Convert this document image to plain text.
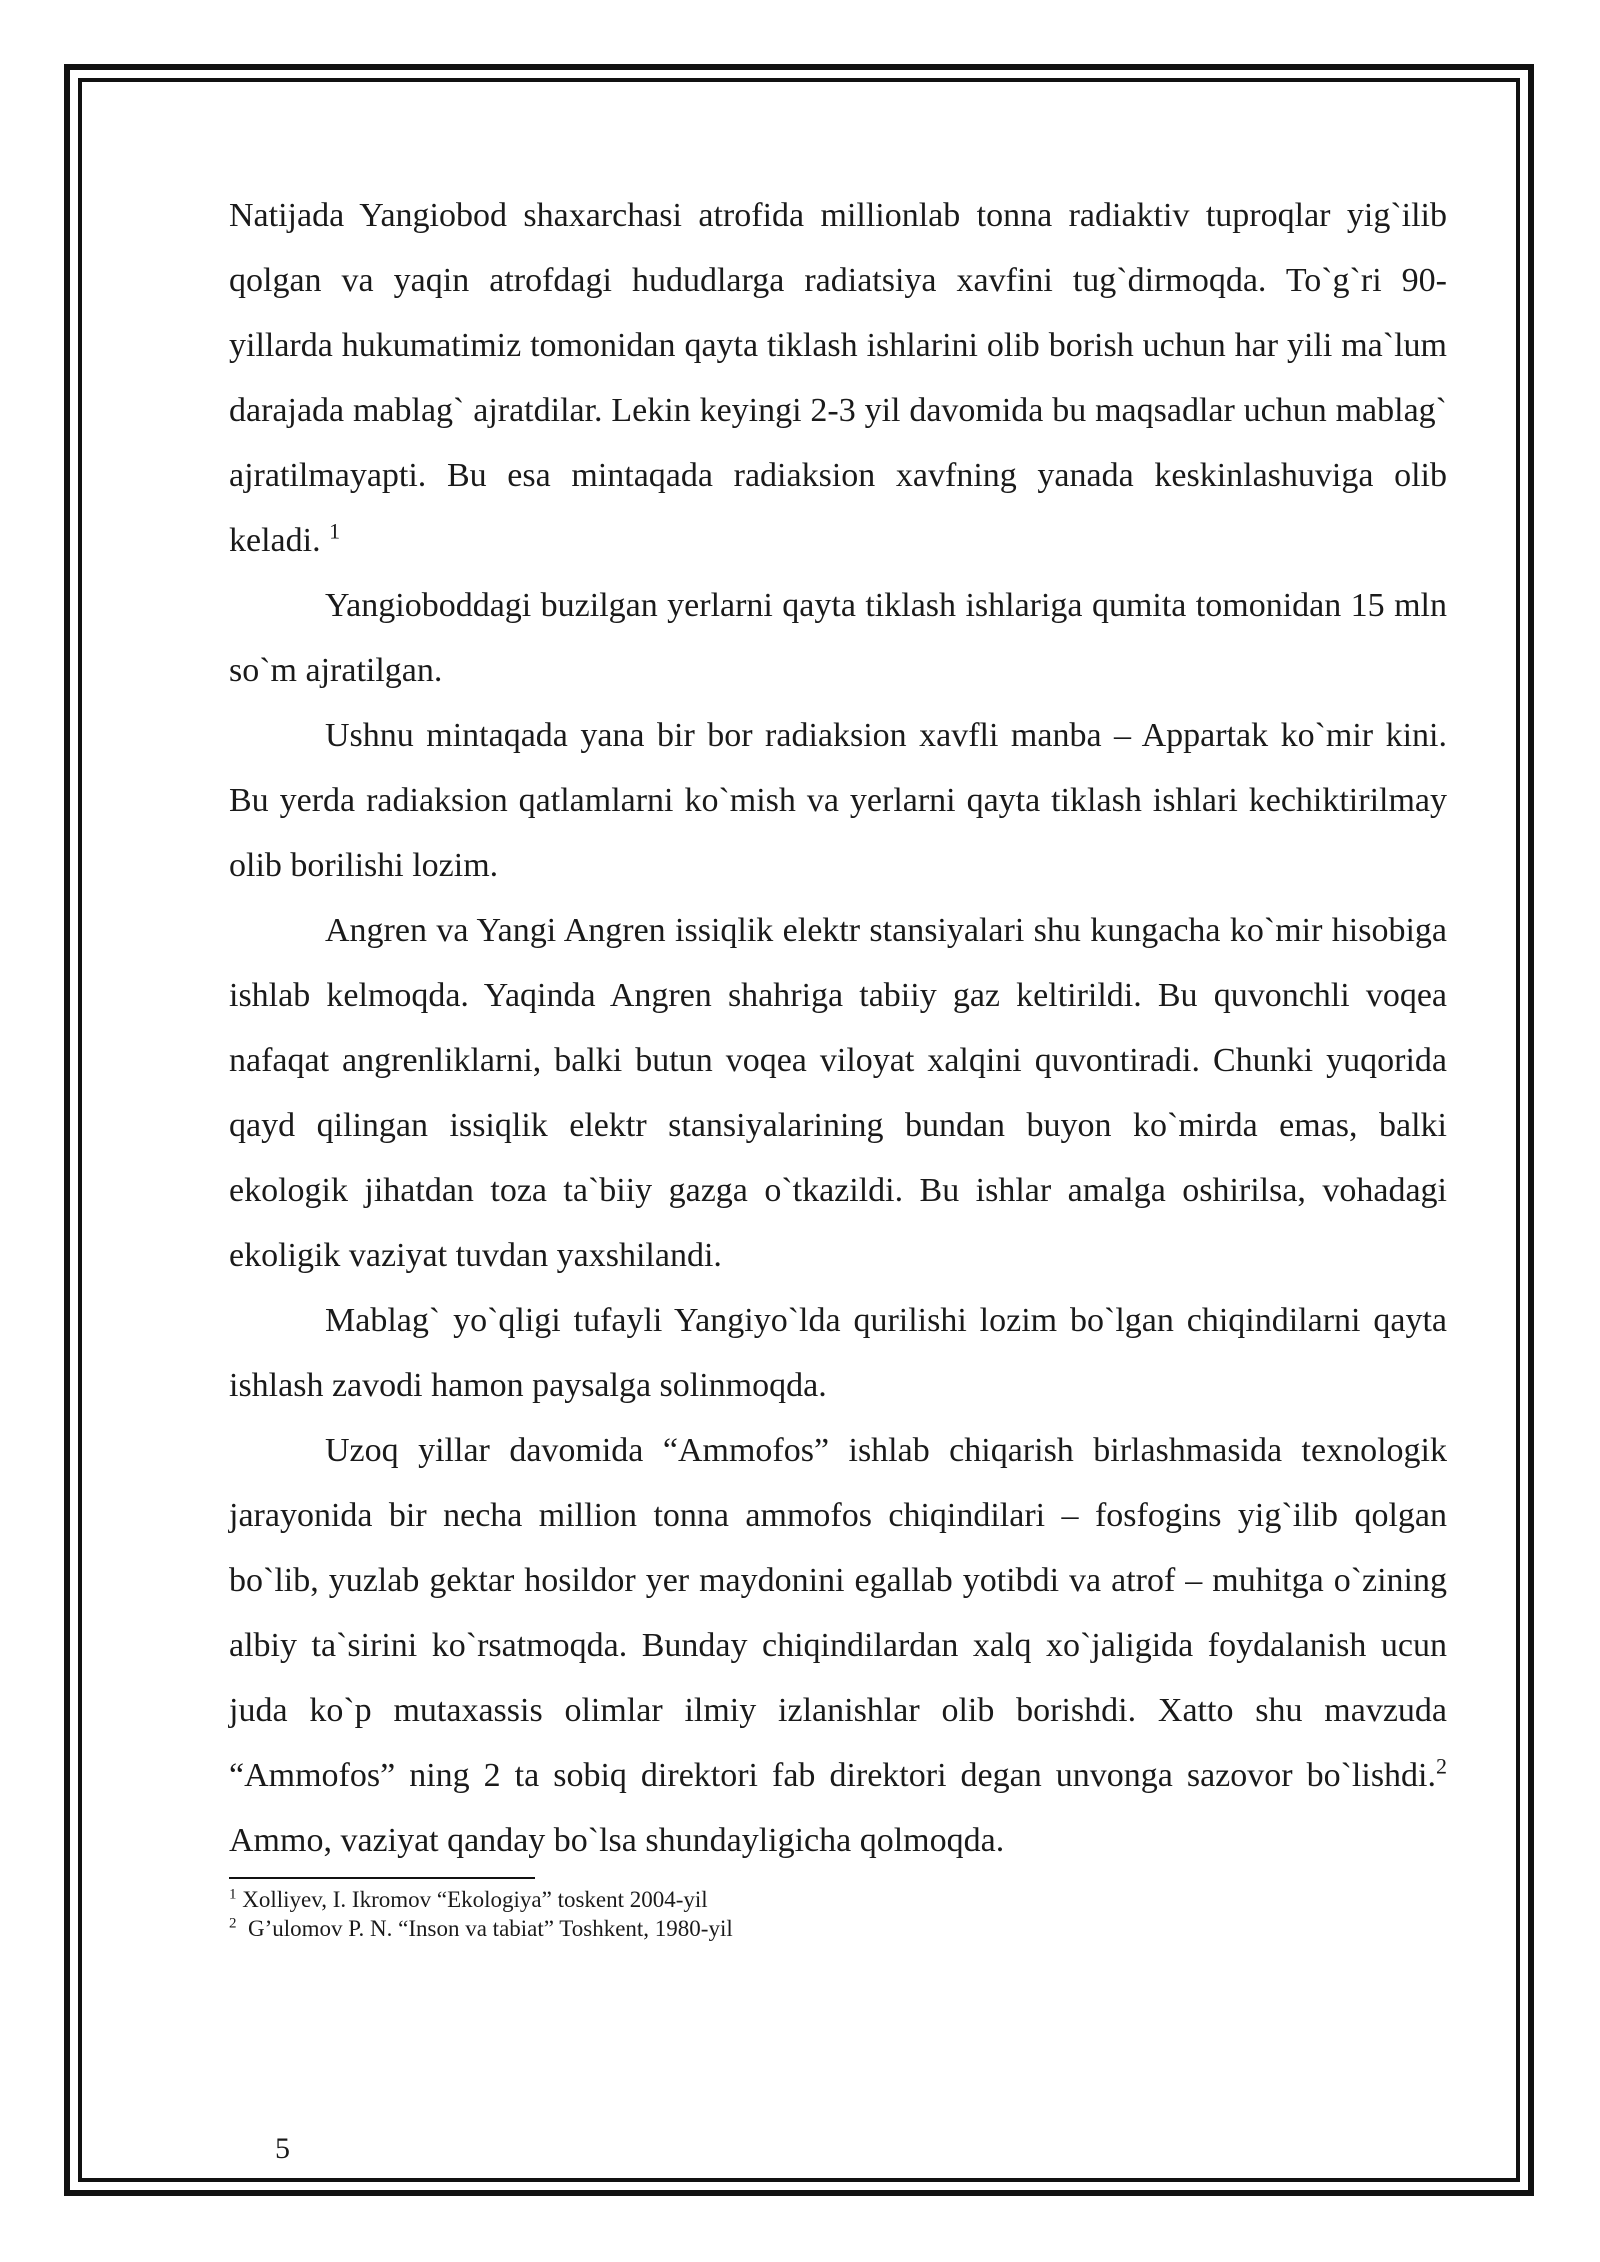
Natijada Yangiobod shaxarchasi atrofida millionlab tonna radiaktiv tuproqlar yig`ilib qolgan va yaqin atrofdagi hududlarga radiatsiya xavfini tug`dirmoqda. To`g`ri 90-yillarda hukumatimiz tomonidan qayta tiklash ishlarini olib borish uchun har yili ma`lum darajada mablag` ajratdilar. Lekin keyingi 2-3 yil davomida bu maqsadlar uchun mablag` ajratilmayapti. Bu esa mintaqada radiaksion xavfning yanada keskinlashuviga olib keladi. $^1$

Yangioboddagi buzilgan yerlarni qayta tiklash ishlariga qumita tomonidan 15 mln so`m ajratilgan.

Ushnu mintaqada yana bir bor radiaksion xavfli manba – Appartak ko`mir kini. Bu yerda radiaksion qatlamlarni ko`mish va yerlarni qayta tiklash ishlari kechiktirilmay olib borilishi lozim.

Angren va Yangi Angren issiqlik elektr stansiyalari shu kungacha ko`mir hisobiga ishlab kelmoqda. Yaqinda Angren shahriga tabiiy gaz keltirildi. Bu quvonchli voqea nafaqat angrenliklarni, balki butun voqea viloyat xalqini quvontiradi. Chunki yuqorida qayd qilingan issiqlik elektr stansiyalarining bundan buyon ko`mirda emas, balki ekologik jihatdan toza ta`biiy gazga o`tkazildi. Bu ishlar amalga oshirilsa, vohadagi ekoligik vaziyat tuvdan yaxshilandi.

Mablag` yo`qligi tufayli Yangiyo`lda qurilishi lozim bo`lgan chiqindilarni qayta ishlash zavodi hamon paysalga solinmoqda.

Uzoq yillar davomida “Ammofos” ishlab chiqarish birlashmasida texnologik jarayonida bir necha million tonna ammofos chiqindilari – fosfogins yig`ilib qolgan bo`lib, yuzlab gektar hosildor yer maydonini egallab yotibdi va atrof – muhitga o`zining albiy ta`sirini ko`rsatmoqda. Bunday chiqindilardan xalq xo`jaligida foydalanish ucun juda ko`p mutaxassis olimlar ilmiy izlanishlar olib borishdi. Xatto shu mavzuda “Ammofos” ning 2 ta sobiq direktori fab direktori degan unvonga sazovor bo`lishdi.$^2$ Ammo, vaziyat qanday bo`lsa shundayligicha qolmoqda.

$^1$ Xolliyev, I. Ikromov “Ekologiya” toskent 2004-yil

$^2$  G’ulomov P. N. “Inson va tabiat” Toshkent, 1980-yil

5
